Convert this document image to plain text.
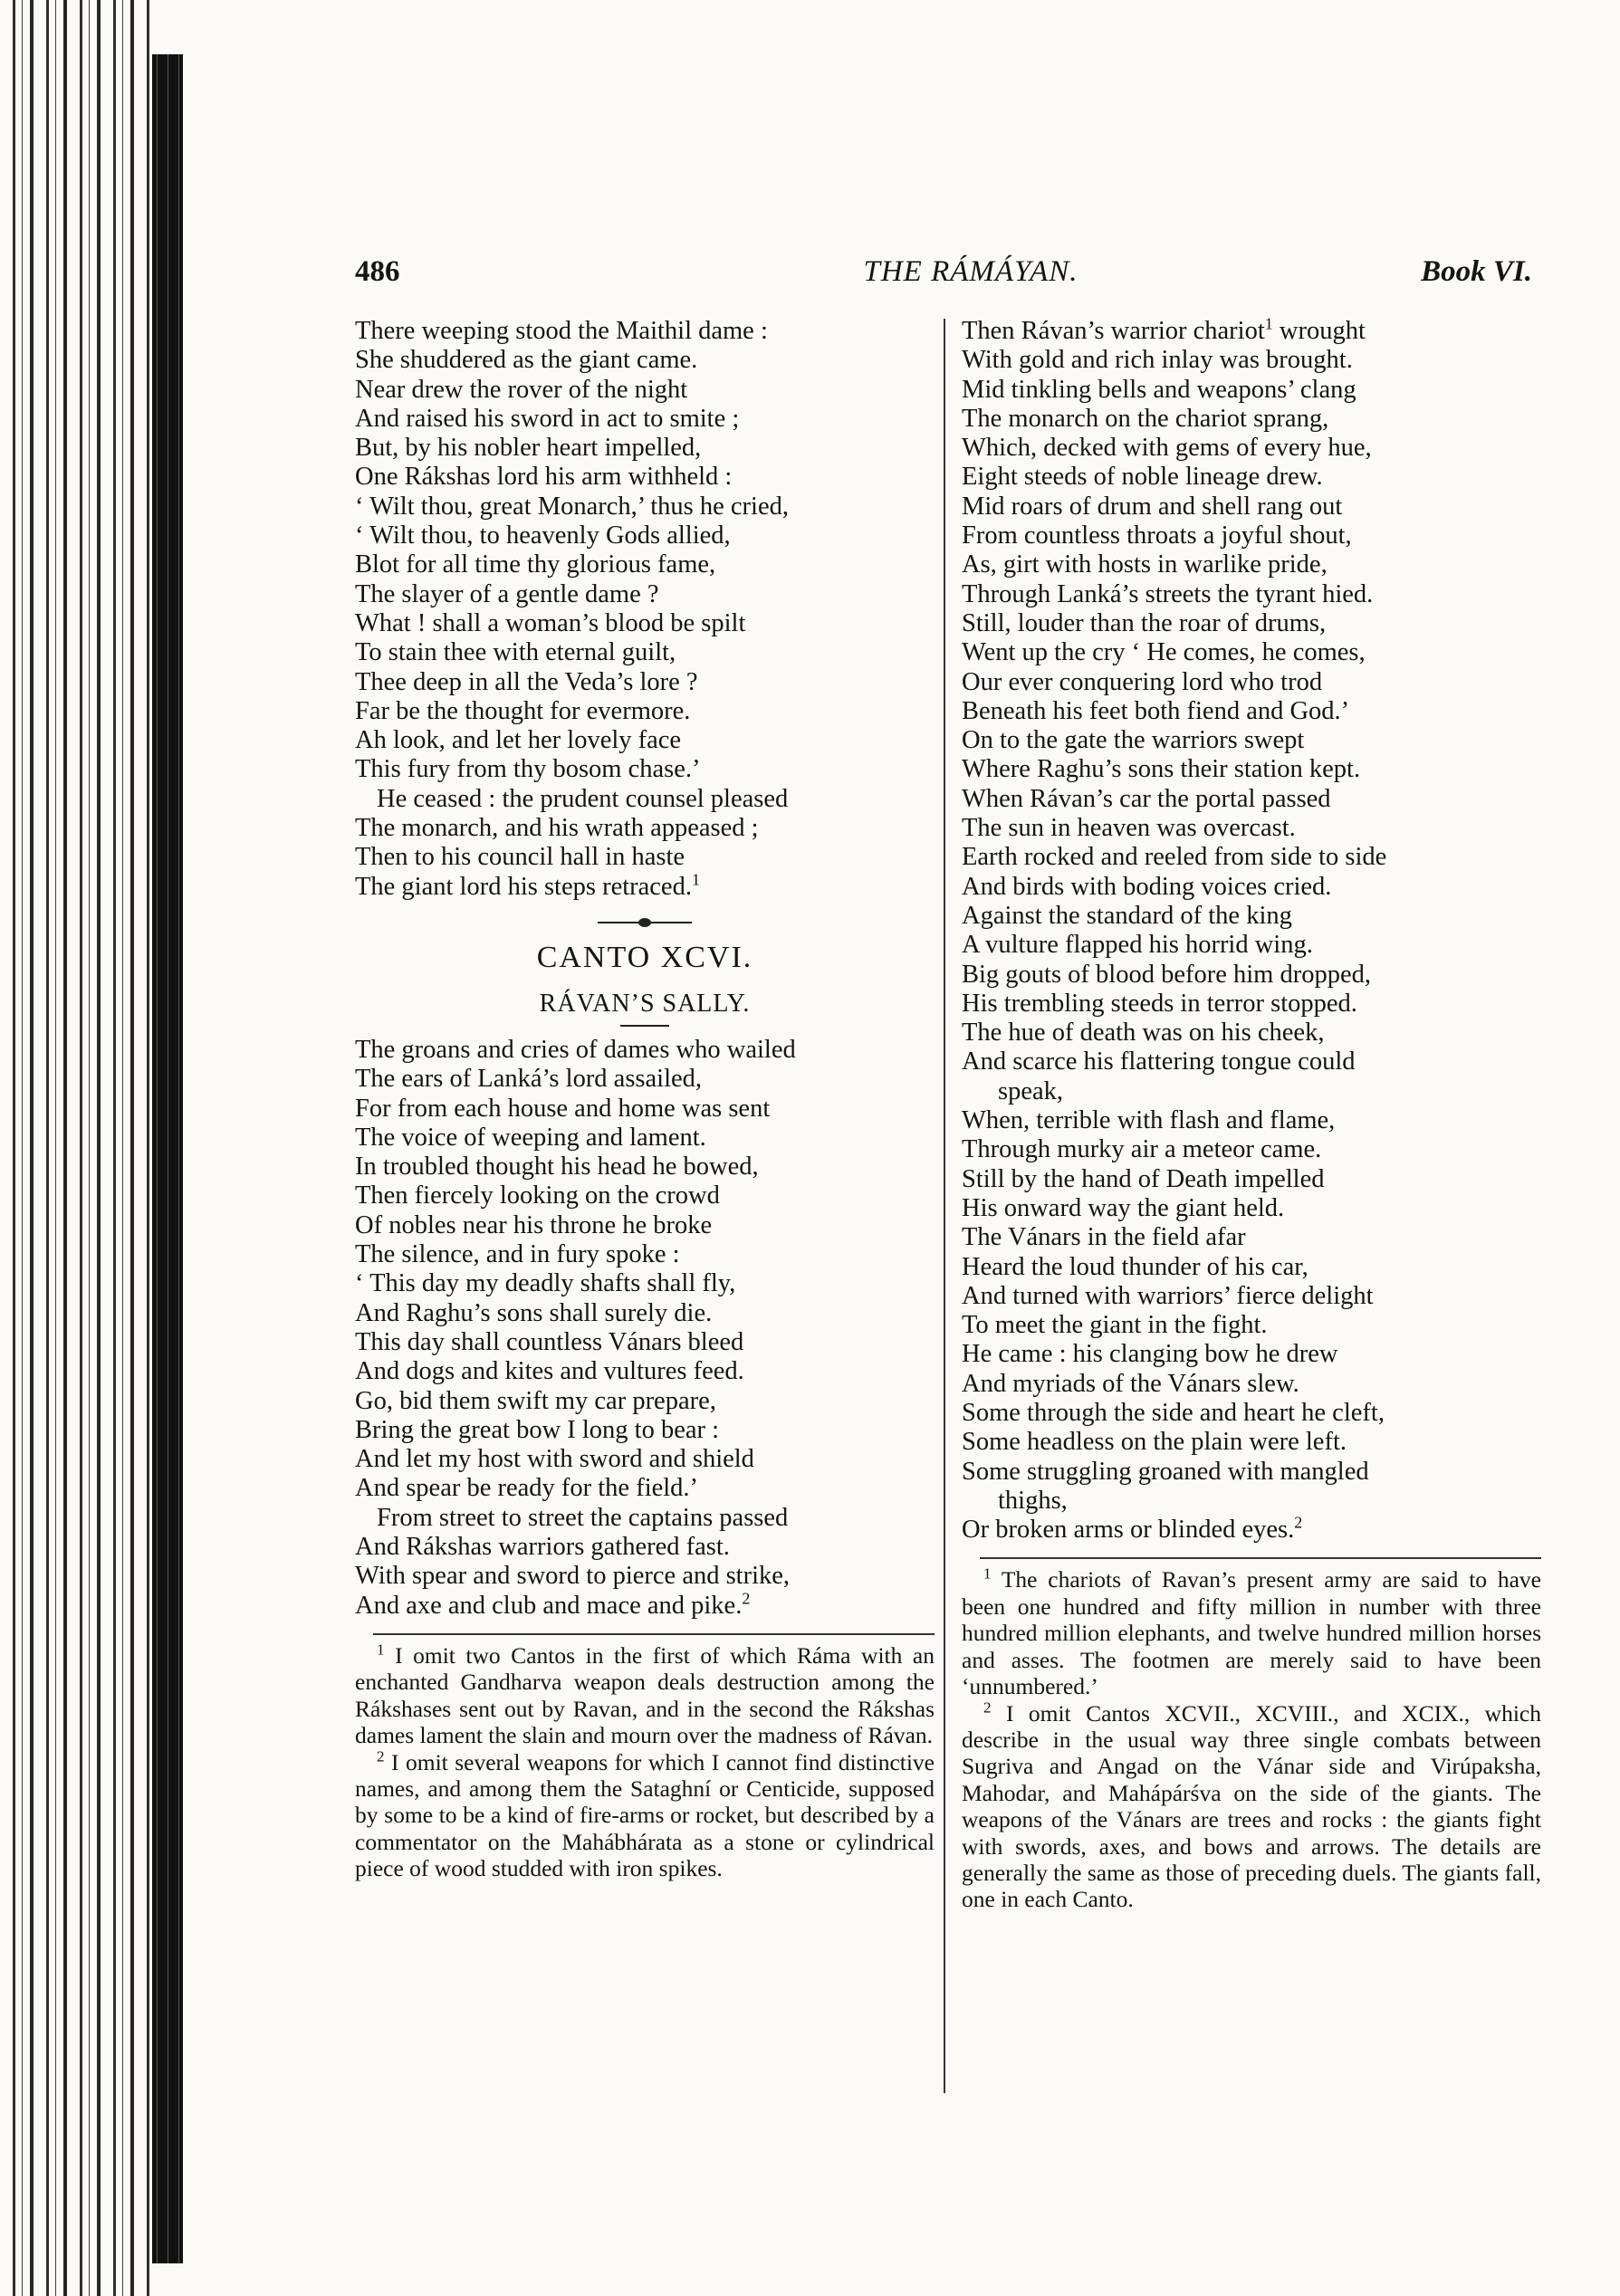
486	THE RÁMÁYAN.	Book VI.
There weeping stood the Maithil dame :
She shuddered as the giant came.
Near drew the rover of the night
And raised his sword in act to smite ;
But, by his nobler heart impelled,
One Rákshas lord his arm withheld :
‘ Wilt thou, great Monarch,’ thus he cried,
‘ Wilt thou, to heavenly Gods allied,
Blot for all time thy glorious fame,
The slayer of a gentle dame ?
What ! shall a woman’s blood be spilt
To stain thee with eternal guilt,
Thee deep in all the Veda’s lore ?
Far be the thought for evermore.
Ah look, and let her lovely face
This fury from thy bosom chase.’
He ceased : the prudent counsel pleased
The monarch, and his wrath appeased ;
Then to his council hall in haste
The giant lord his steps retraced.$^1$
CANTO XCVI.
RÁVAN’S SALLY.
The groans and cries of dames who wailed
The ears of Lanká’s lord assailed,
For from each house and home was sent
The voice of weeping and lament.
In troubled thought his head he bowed,
Then fiercely looking on the crowd
Of nobles near his throne he broke
The silence, and in fury spoke :
‘ This day my deadly shafts shall fly,
And Raghu’s sons shall surely die.
This day shall countless Vánars bleed
And dogs and kites and vultures feed.
Go, bid them swift my car prepare,
Bring the great bow I long to bear :
And let my host with sword and shield
And spear be ready for the field.’
From street to street the captains passed
And Rákshas warriors gathered fast.
With spear and sword to pierce and strike,
And axe and club and mace and pike.$^2$

$^1$ I omit two Cantos in the first of which Ráma with an enchanted Gandharva weapon deals destruction among the Rákshases sent out by Ravan, and in the second the Rákshas dames lament the slain and mourn over the madness of Rávan.

$^2$ I omit several weapons for which I cannot find distinctive names, and among them the Sataghní or Centicide, supposed by some to be a kind of fire-arms or rocket, but described by a commentator on the Mahábhárata as a stone or cylindrical piece of wood studded with iron spikes.

Then Rávan’s warrior chariot$^1$ wrought
With gold and rich inlay was brought.
Mid tinkling bells and weapons’ clang
The monarch on the chariot sprang,
Which, decked with gems of every hue,
Eight steeds of noble lineage drew.
Mid roars of drum and shell rang out
From countless throats a joyful shout,
As, girt with hosts in warlike pride,
Through Lanká’s streets the tyrant hied.
Still, louder than the roar of drums,
Went up the cry ‘ He comes, he comes,
Our ever conquering lord who trod
Beneath his feet both fiend and God.’
On to the gate the warriors swept
Where Raghu’s sons their station kept.
When Rávan’s car the portal passed
The sun in heaven was overcast.
Earth rocked and reeled from side to side
And birds with boding voices cried.
Against the standard of the king
A vulture flapped his horrid wing.
Big gouts of blood before him dropped,
His trembling steeds in terror stopped.
The hue of death was on his cheek,
And scarce his flattering tongue could
speak,
When, terrible with flash and flame,
Through murky air a meteor came.
Still by the hand of Death impelled
His onward way the giant held.
The Vánars in the field afar
Heard the loud thunder of his car,
And turned with warriors’ fierce delight
To meet the giant in the fight.
He came : his clanging bow he drew
And myriads of the Vánars slew.
Some through the side and heart he cleft,
Some headless on the plain were left.
Some struggling groaned with mangled
thighs,
Or broken arms or blinded eyes.$^2$

$^1$ The chariots of Ravan’s present army are said to have been one hundred and fifty million in number with three hundred million elephants, and twelve hundred million horses and asses. The footmen are merely said to have been ‘unnumbered.’

$^2$ I omit Cantos XCVII., XCVIII., and XCIX., which describe in the usual way three single combats between Sugriva and Angad on the Vánar side and Virúpaksha, Mahodar, and Mahápárśva on the side of the giants. The weapons of the Vánars are trees and rocks : the giants fight with swords, axes, and bows and arrows. The details are generally the same as those of preceding duels. The giants fall, one in each Canto.
